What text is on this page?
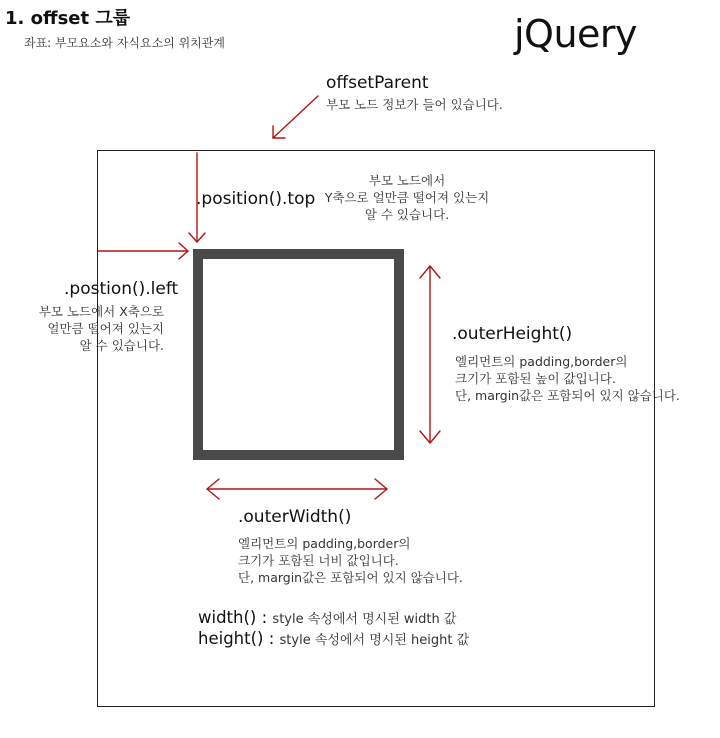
1. offset 그룹
좌표: 부모요소와 자식요소의 위치관계	jQuery
offsetParent
부모 노드 정보가 들어 있습니다.
.position().top
부모 노드에서
Y축으로 얼만큼 떨어져 있는지
알 수 있습니다.
.postion().left
부모 노드에서 X축으로
얼만큼 떨어져 있는지
알 수 있습니다.
.outerHeight()
엘리먼트의 padding,border의
크기가 포함된 높이 값입니다.
단, margin값은 포함되어 있지 않습니다.
.outerWidth()
엘리먼트의 padding,border의
크기가 포함된 너비 값입니다.
단, margin값은 포함되어 있지 않습니다.
width() : style 속성에서 명시된 width 값
height() : style 속성에서 명시된 height 값
